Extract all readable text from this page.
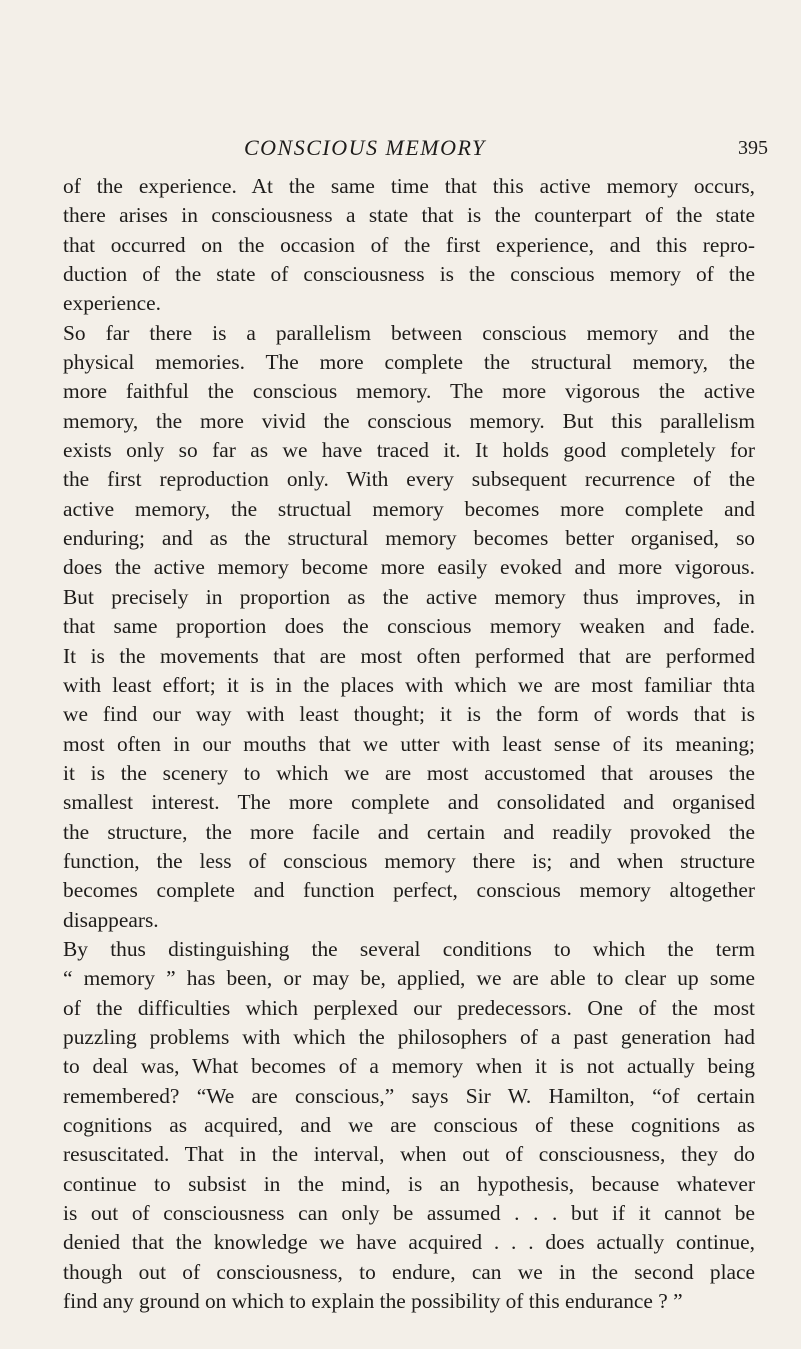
CONSCIOUS MEMORY	395
of the experience. At the same time that this active memory occurs,
there arises in consciousness a state that is the counterpart of the state
that occurred on the occasion of the first experience, and this repro-
duction of the state of consciousness is the conscious memory of the
experience.
So far there is a parallelism between conscious memory and the
physical memories. The more complete the structural memory, the
more faithful the conscious memory. The more vigorous the active
memory, the more vivid the conscious memory. But this parallelism
exists only so far as we have traced it. It holds good completely for
the first reproduction only. With every subsequent recurrence of the
active memory, the structual memory becomes more complete and
enduring; and as the structural memory becomes better organised, so
does the active memory become more easily evoked and more vigorous.
But precisely in proportion as the active memory thus improves, in
that same proportion does the conscious memory weaken and fade.
It is the movements that are most often performed that are performed
with least effort; it is in the places with which we are most familiar thta
we find our way with least thought; it is the form of words that is
most often in our mouths that we utter with least sense of its meaning;
it is the scenery to which we are most accustomed that arouses the
smallest interest. The more complete and consolidated and organised
the structure, the more facile and certain and readily provoked the
function, the less of conscious memory there is; and when structure
becomes complete and function perfect, conscious memory altogether
disappears.
By thus distinguishing the several conditions to which the term
“ memory ” has been, or may be, applied, we are able to clear up some
of the difficulties which perplexed our predecessors. One of the most
puzzling problems with which the philosophers of a past generation had
to deal was, What becomes of a memory when it is not actually being
remembered? “We are conscious,” says Sir W. Hamilton, “of certain
cognitions as acquired, and we are conscious of these cognitions as
resuscitated. That in the interval, when out of consciousness, they do
continue to subsist in the mind, is an hypothesis, because whatever
is out of consciousness can only be assumed . . . but if it cannot be
denied that the knowledge we have acquired . . . does actually continue,
though out of consciousness, to endure, can we in the second place
find any ground on which to explain the possibility of this endurance ? ”
